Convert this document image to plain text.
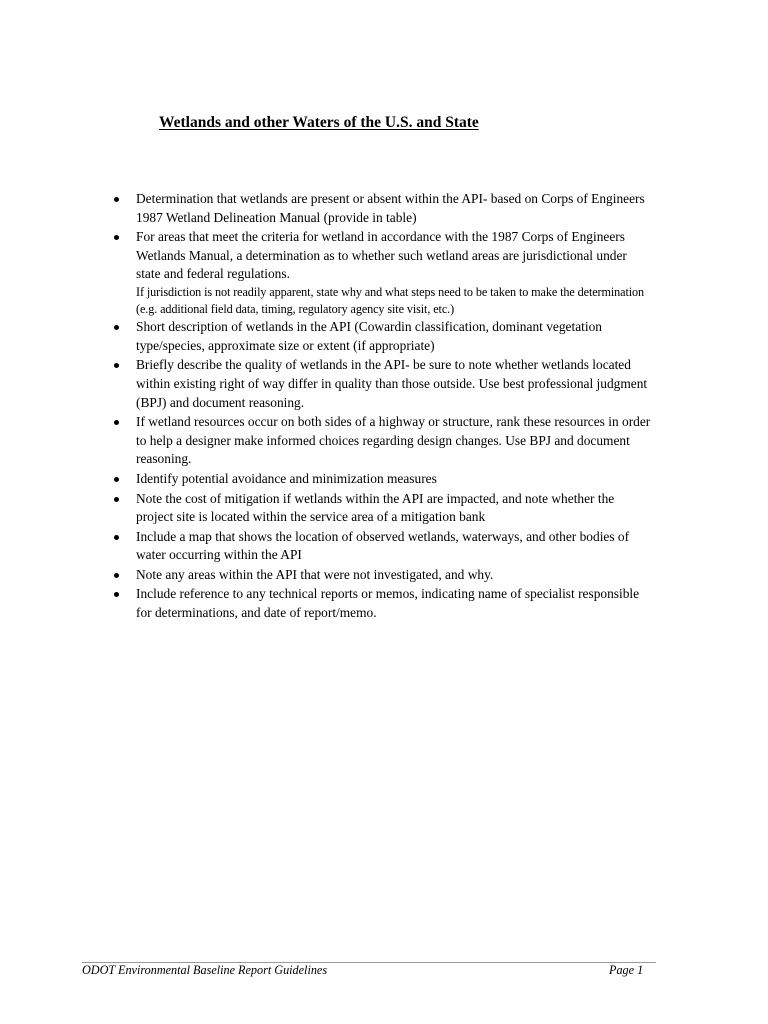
Wetlands and other Waters of the U.S. and State
Determination that wetlands are present or absent within the API- based on Corps of Engineers 1987 Wetland Delineation Manual (provide in table)
For areas that meet the criteria for wetland in accordance with the 1987 Corps of Engineers Wetlands Manual, a determination as to whether such wetland areas are jurisdictional under state and federal regulations.
If jurisdiction is not readily apparent, state why and what steps need to be taken to make the determination (e.g. additional field data, timing, regulatory agency site visit, etc.)
Short description of wetlands in the API (Cowardin classification, dominant vegetation type/species, approximate size or extent (if appropriate)
Briefly describe the quality of wetlands in the API- be sure to note whether wetlands located within existing right of way differ in quality than those outside. Use best professional judgment (BPJ) and document reasoning.
If wetland resources occur on both sides of a highway or structure, rank these resources in order to help a designer make informed choices regarding design changes. Use BPJ and document reasoning.
Identify potential avoidance and minimization measures
Note the cost of mitigation if wetlands within the API are impacted, and note whether the project site is located within the service area of a mitigation bank
Include a map that shows the location of observed wetlands, waterways, and other bodies of water occurring within the API
Note any areas within the API that were not investigated, and why.
Include reference to any technical reports or memos, indicating name of specialist responsible for determinations, and date of report/memo.
ODOT Environmental Baseline Report Guidelines	Page 1
